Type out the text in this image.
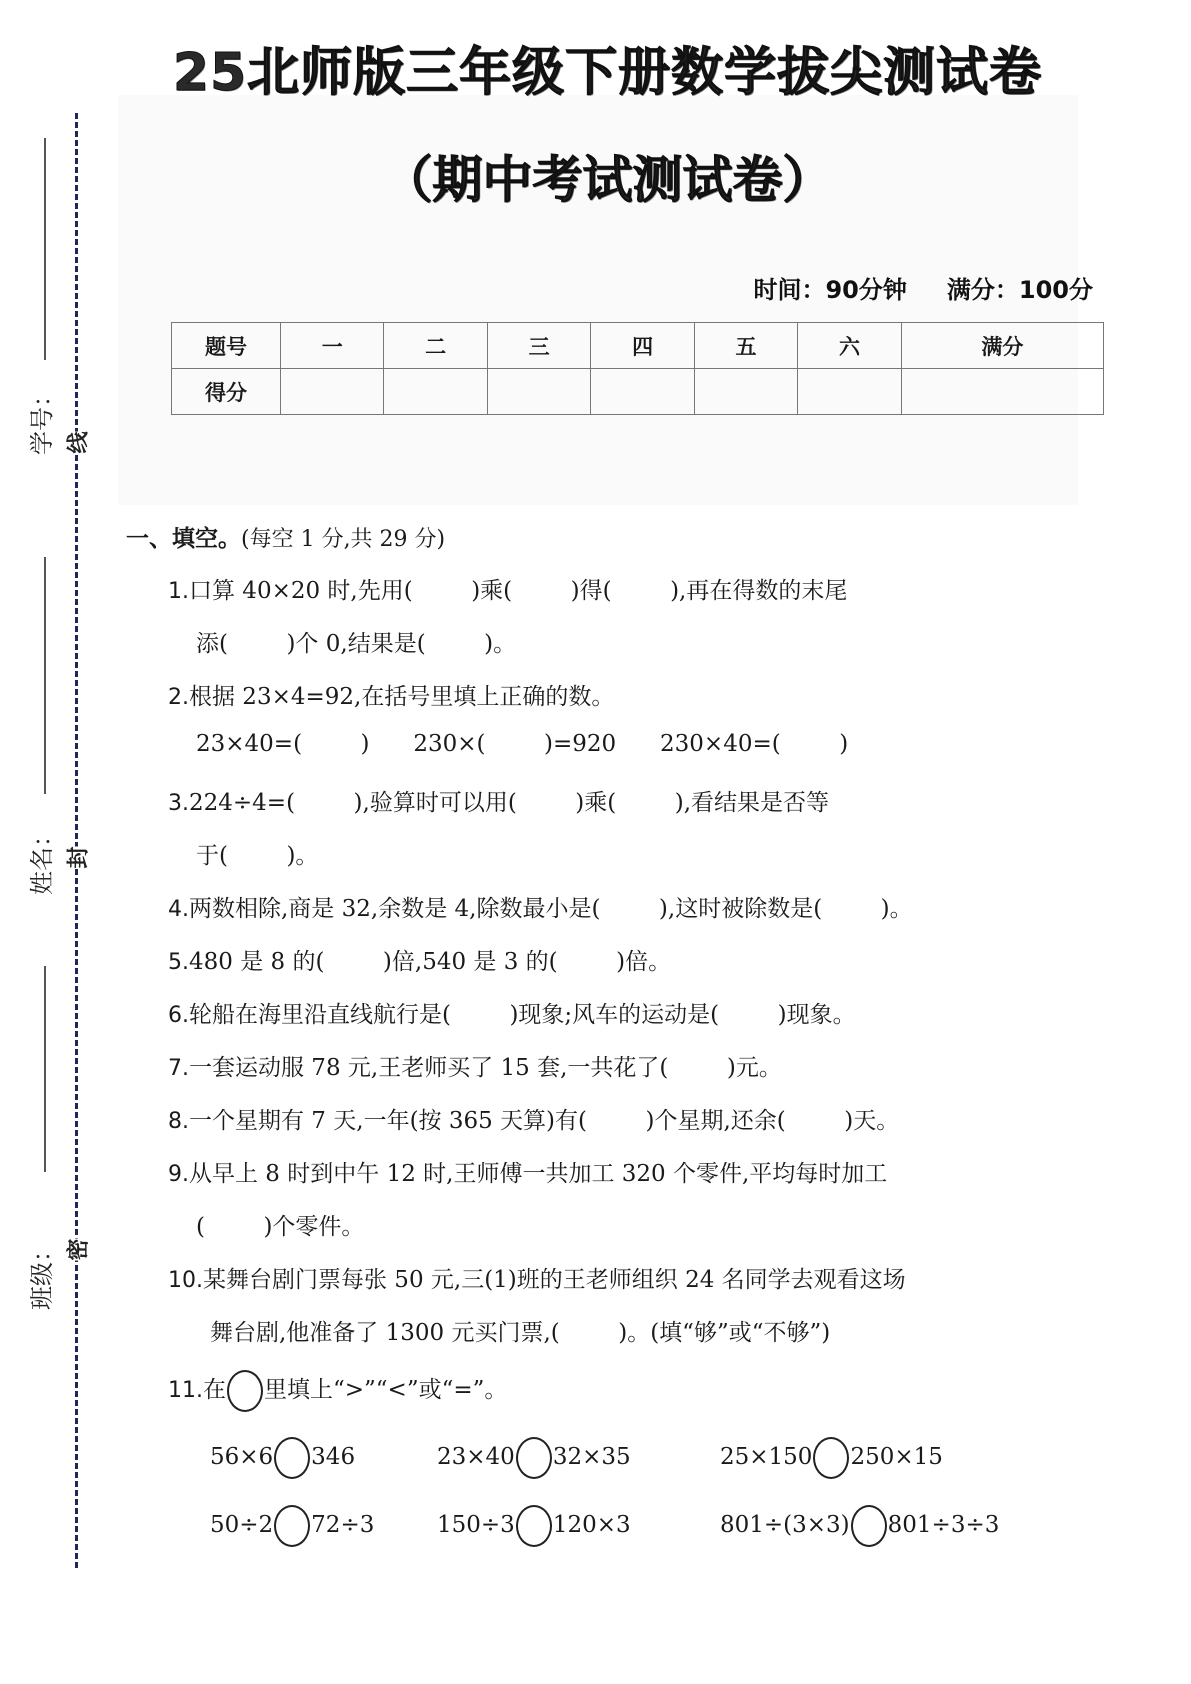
25北师版三年级下册数学拔尖测试卷
（期中考试测试卷）
时间：90分钟 满分：100分
题号	一	二	三	四	五	六	满分
得分							
学号： 线
姓名： 封
班级： 密
一、填空。(每空 1 分,共 29 分)
1.口算 40×20 时,先用(        )乘(        )得(        ),再在得数的末尾
添(        )个 0,结果是(        )。
2.根据 23×4=92,在括号里填上正确的数。
23×40=(        )      230×(        )=920      230×40=(        )
3.224÷4=(        ),验算时可以用(        )乘(        ),看结果是否等
于(        )。
4.两数相除,商是 32,余数是 4,除数最小是(        ),这时被除数是(        )。
5.480 是 8 的(        )倍,540 是 3 的(        )倍。
6.轮船在海里沿直线航行是(        )现象;风车的运动是(        )现象。
7.一套运动服 78 元,王老师买了 15 套,一共花了(        )元。
8.一个星期有 7 天,一年(按 365 天算)有(        )个星期,还余(        )天。
9.从早上 8 时到中午 12 时,王师傅一共加工 320 个零件,平均每时加工
(        )个零件。
10.某舞台剧门票每张 50 元,三(1)班的王老师组织 24 名同学去观看这场
舞台剧,他准备了 1300 元买门票,(        )。(填“够”或“不够”)
11.在 里填上“>”“<”或“=”。
56×6 346	23×40 32×35	25×150 250×15
50÷2 72÷3	150÷3 120×3	801÷(3×3) 801÷3÷3
